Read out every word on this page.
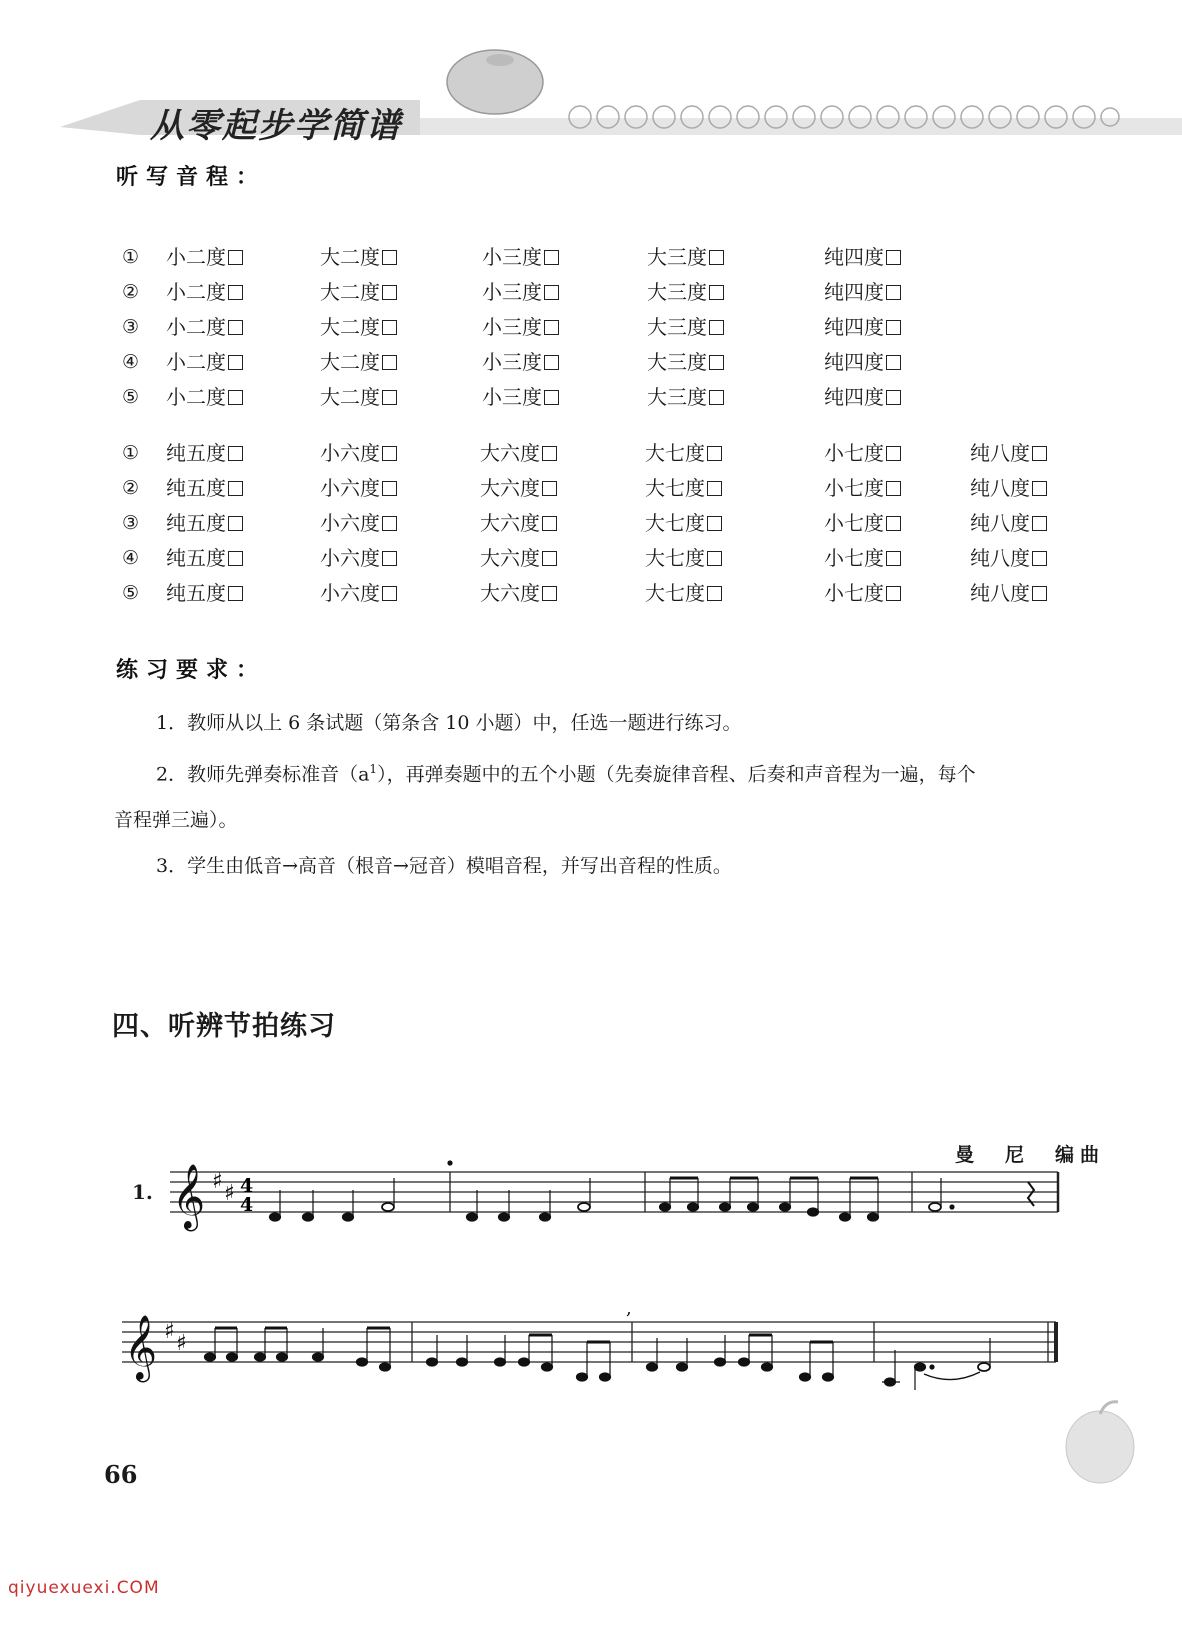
从零起步学简谱
听写音程：
① 小二度	大二度	小三度	大三度	纯四度
② 小二度	大二度	小三度	大三度	纯四度
③ 小二度	大二度	小三度	大三度	纯四度
④ 小二度	大二度	小三度	大三度	纯四度
⑤ 小二度	大二度	小三度	大三度	纯四度
① 纯五度	小六度	大六度	大七度	小七度	纯八度
② 纯五度	小六度	大六度	大七度	小七度	纯八度
③ 纯五度	小六度	大六度	大七度	小七度	纯八度
④ 纯五度	小六度	大六度	大七度	小七度	纯八度
⑤ 纯五度	小六度	大六度	大七度	小七度	纯八度
练习要求：

1．教师从以上 6 条试题（第条含 10 小题）中，任选一题进行练习。

2．教师先弹奏标准音$(a^1)$，再弹奏题中的五个小题（先奏旋律音程、后奏和声音程为一遍，每个

音程弹三遍）。

3．学生由低音→高音（根音→冠音）模唱音程，并写出音程的性质。

四、听辨节拍练习
曼　尼　编曲
1. 𝄞 ♯ ♯ 4
4
𝄞 ♯ ♯
,
66
qiyuexuexi.COM
